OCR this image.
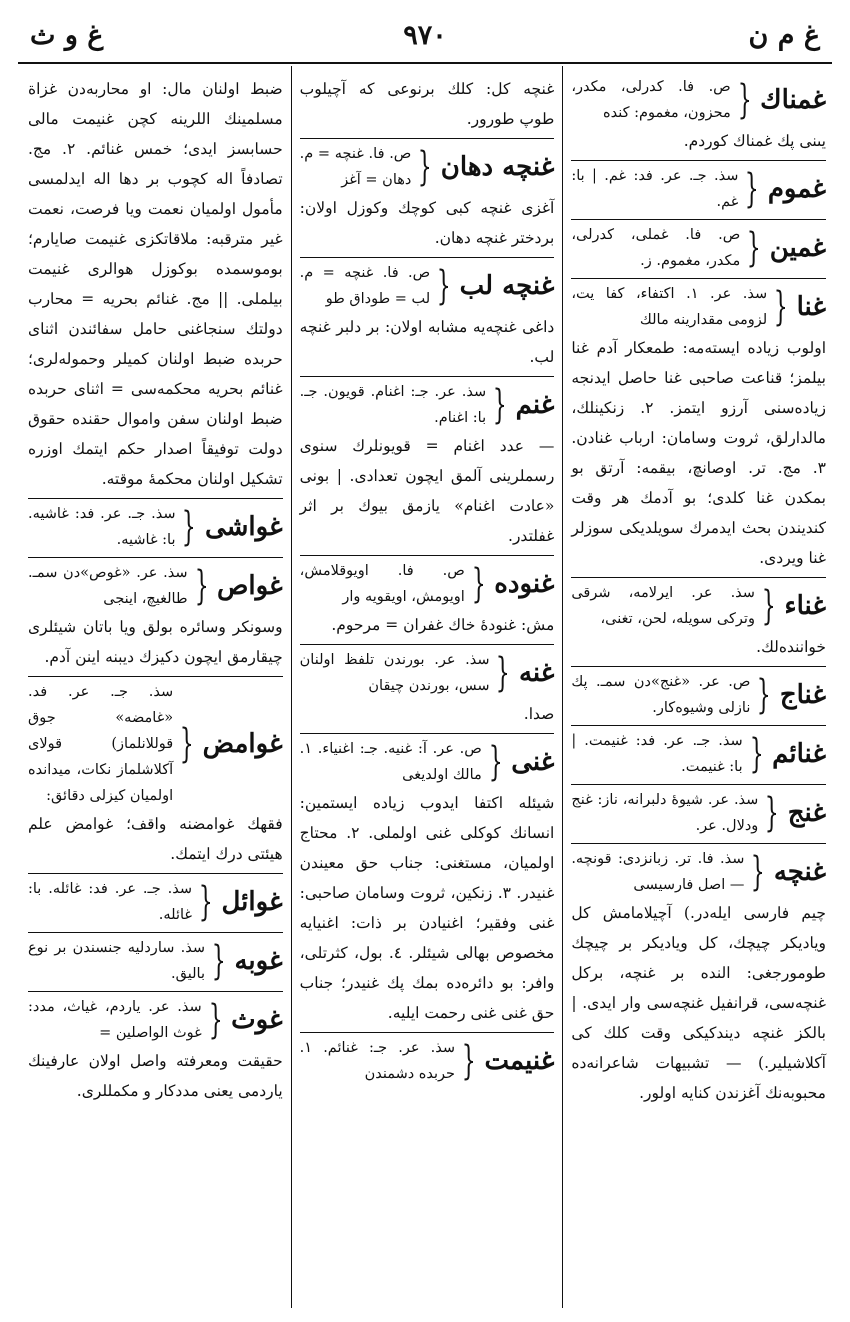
غ م ن
٩٧٠
غ و ث
غمناك
{
ص. فا. كدرلى، مكدر، محزون، مغموم: كنده
يىنى پك غمناك كوردم.
غموم
{
سذ. جـ. عر. فد: غم. | با: غم.
غمين
{
ص. فا. غملى، كدرلى، مكدر، مغموم. ز.
غنا
{
سذ. عر. ١. اكتفاء، كفا يت، لزومى مقدارينه مالك
اولوب زياده ايسته‌مه: طمعكار آدم غنا بيلمز؛ قناعت صاحبى غنا حاصل ايدنجه زياده‌سنى آرزو ايتمز. ٢. زنكينلك، مالدارلق، ثروت وسامان: ارباب غنادن. ٣. مج. تر. اوصانچ، بيقمه: آرتق بو بمكدن غنا كلدى؛ بو آدمك هر وقت كنديندن بحث ايدمرك سويلديكى سوزلر غنا ويردى.
غناء
{
سذ. عر. ايرلامه، شرقى وتركى سويله، لحن، تغنى،
خواننده‌لك.
غناج
{
ص. عر. «غنج»دن سمـ. پك نازلى وشيوه‌كار.
غنائم
{
سذ. جـ. عر. فد: غنيمت. | با: غنيمت.
غنج
{
سذ. عر. شيوهٔ دلبرانه، ناز: غنج ودلال. عر.
غنچه
{
سذ. فا. تر. زبانزدى: قونچه. — اصل فارسيسى
چيم فارسى ايله‌در.) آچيلامامش كل وياديكر چيچك، كل وياديكر بر چيچك طومورجغى: النده بر غنچه، بركل غنچه‌سى، قرانفيل غنچه‌سى وار ايدى. | بالكز غنچه ديندكيكى وقت كلك كى آكلاشيلير.) — تشبيهات شاعرانه‌ده محبوبه‌نك آغزندن كنايه اولور.
غنچه كل: كلك برنوعى كه آچيلوب طوپ طورور.
غنچه دهان
{
ص. فا. غنچه = م. دهان = آغز
آغزى غنچه كبى كوچك وكوزل اولان: بردختر غنچه دهان.
غنچه لب
{
ص. فا. غنچه = م. لب = طوداق طو
داغى غنچه‌يه مشابه اولان: بر دلبر غنچه لب.
غنم
{
سذ. عر. جـ: اغنام. قويون. جـ. با: اغنام.
— عدد اغنام = قويونلرك سنوى رسملرينى آلمق ايچون تعدادى. | بونى «عادت اغنام» يازمق بيوك بر اثر غفلتدر.
غنوده
{
ص. فا. اويوقلامش، اويومش، اويقويه وار
مش: غنودهٔ خاك غفران = مرحوم.
غنه
{
سذ. عر. بورندن تلفظ اولنان سس، بورندن چيقان
صدا.
غنى
{
ص. عر. آ: غنيه. جـ: اغنياء. ١. مالك اولديغى
شيئله اكتفا ايدوب زياده ايستمين: انسانك كوكلى غنى اولملى. ٢. محتاج اولميان، مستغنى: جناب حق معيندن غنيدر. ٣. زنكين، ثروت وسامان صاحبى: غنى وفقير؛ اغنيادن بر ذات: اغنيايه مخصوص بهالى شيئلر. ٤. بول، كثرتلى، وافر: بو دائره‌ده بمك پك غنيدر؛ جناب حق غنى غنى رحمت ايليه.
غنيمت
{
سذ. عر. جـ: غنائم. ١. حربده دشمندن
ضبط اولنان مال: او محاربه‌دن غزاة مسلمينك اللرينه كچن غنيمت مالى حسابسز ايدى؛ خمس غنائم. ٢. مج. تصادفاً اله كچوب بر دها اله ايدلمسى مأمول اولميان نعمت ويا فرصت، نعمت غير مترقبه: ملاقاتكزى غنيمت صايارم؛ بوموسمده بوكوزل هوالرى غنيمت بيلملى. || مج. غنائم بحريه = محارب دولتك سنجاغنى حامل سفائندن اثناى حربده ضبط اولنان كميلر وحموله‌لرى؛ غنائم بحريه محكمه‌سى = اثناى حربده ضبط اولنان سفن واموال حقنده حقوق دولت توفيقاً اصدار حكم ايتمك اوزره تشكيل اولنان محكمهٔ موقته.
غواشى
{
سذ. جـ. عر. فد: غاشيه. با: غاشيه.
غواص
{
سذ. عر. «غوص»دن سمـ. طالغيچ، اينجى
وسونكر وسائره بولق ويا باتان شيئلرى چيقارمق ايچون دكيزك ديبنه اينن آدم.
غوامض
{
سذ. جـ. عر. فد. «غامضه» جوق قوللانلماز) قولاى آكلاشلماز نكات، ميدانده اولميان كيزلى دقائق:
فقهك غوامضنه واقف؛ غوامض علم هيئتى درك ايتمك.
غوائل
{
سذ. جـ. عر. فد: غائله. با: غائله.
غوبه
{
سذ. ساردليه جنسندن بر نوع باليق.
غوث
{
سذ. عر. ياردم، غياث، مدد: غوث الواصلين =
حقيقت ومعرفته واصل اولان عارفينك ياردمى يعنى مددكار و مكمللرى.
